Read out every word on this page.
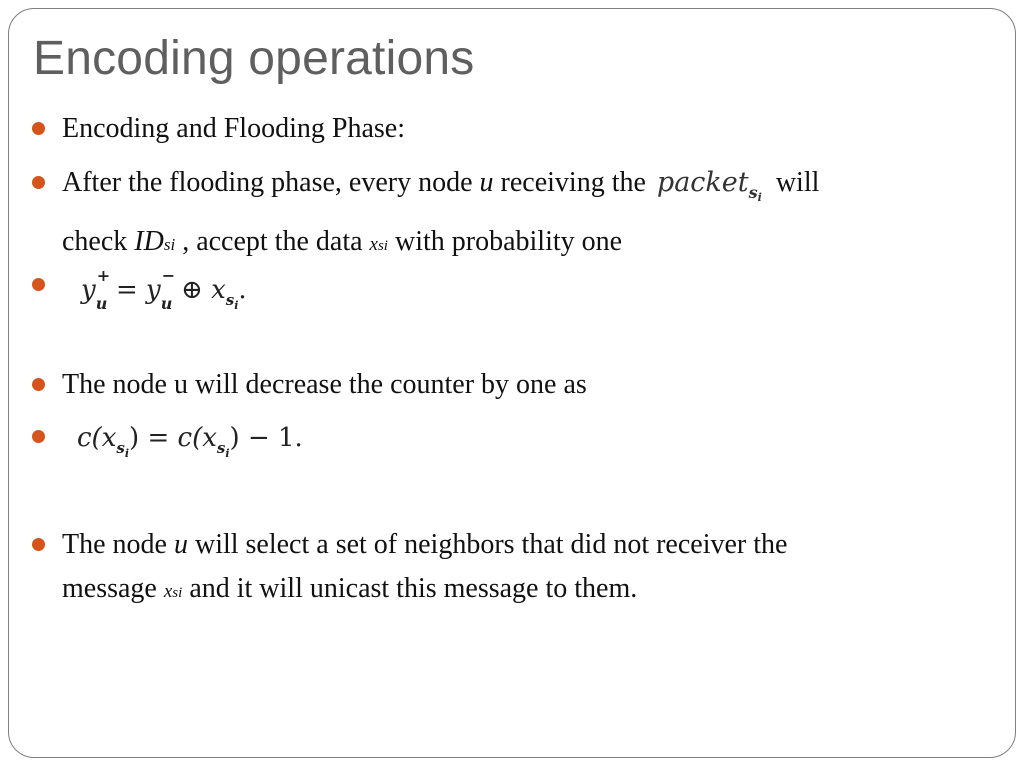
Encoding operations
Encoding and Flooding Phase:
After the flooding phase, every node u receiving the packet$_{si}$ will
check IDsi , accept the data xsi with probability one
y +
u = y −
u ⊕ $x_{si}$.
The node u will decrease the counter by one as
$c(x_{si}) = c(x_{si}) - 1$.
The node u will select a set of neighbors that did not receiver the
message xsi and it will unicast this message to them.
